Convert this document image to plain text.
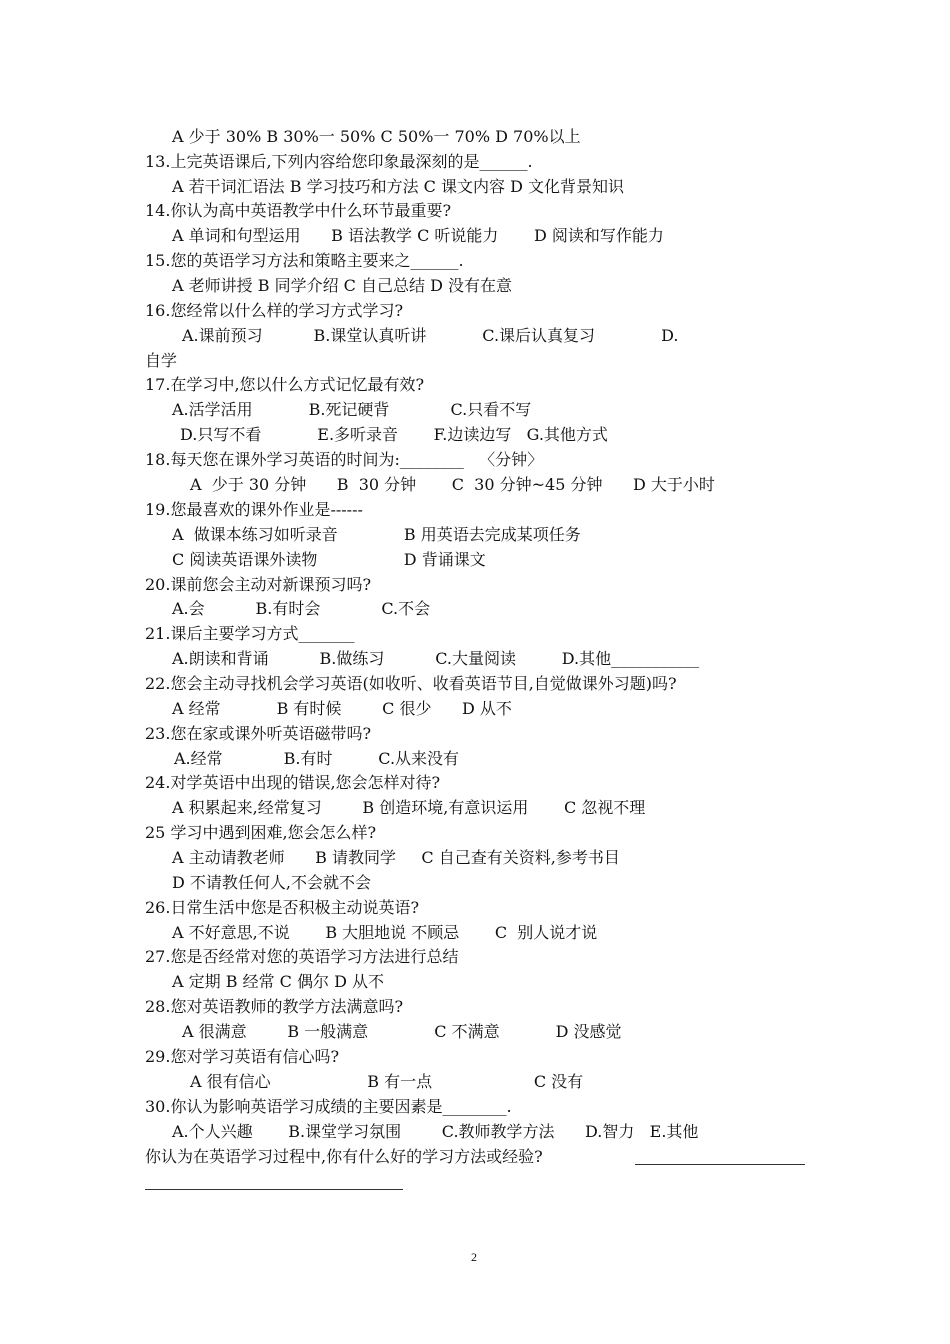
A 少于 30% B 30%一 50% C 50%一 70% D 70%以上
13.上完英语课后,下列内容给您印象最深刻的是______.
A 若干词汇语法 B 学习技巧和方法 C 课文内容 D 文化背景知识
14.你认为高中英语教学中什么环节最重要?
A 单词和句型运用      B 语法教学 C 听说能力       D 阅读和写作能力
15.您的英语学习方法和策略主要来之______.
A 老师讲授 B 同学介绍 C 自己总结 D 没有在意
16.您经常以什么样的学习方式学习?
A.课前预习          B.课堂认真听讲           C.课后认真复习             D.
自学
17.在学习中,您以什么方式记忆最有效?
A.活学活用           B.死记硬背            C.只看不写
D.只写不看           E.多听录音       F.边读边写   G.其他方式
18.每天您在课外学习英语的时间为:________   〈分钟〉
A  少于 30 分钟      B  30 分钟       C  30 分钟~45 分钟      D 大于小时
19.您最喜欢的课外作业是------
A  做课本练习如听录音             B 用英语去完成某项任务
C 阅读英语课外读物                 D 背诵课文
20.课前您会主动对新课预习吗?
A.会          B.有时会            C.不会
21.课后主要学习方式_______
A.朗读和背诵          B.做练习          C.大量阅读         D.其他___________
22.您会主动寻找机会学习英语(如收听、收看英语节目,自觉做课外习题)吗?
A 经常           B 有时候        C 很少      D 从不
23.您在家或课外听英语磁带吗?
A.经常            B.有时         C.从来没有
24.对学英语中出现的错误,您会怎样对待?
A 积累起来,经常复习        B 创造环境,有意识运用       C 忽视不理
25 学习中遇到困难,您会怎么样?
A 主动请教老师      B 请教同学     C 自己查有关资料,参考书目
D 不请教任何人,不会就不会
26.日常生活中您是否积极主动说英语?
A 不好意思,不说       B 大胆地说 不顾忌       C  别人说才说
27.您是否经常对您的英语学习方法进行总结
A 定期 B 经常 C 偶尔 D 从不
28.您对英语教师的教学方法满意吗?
A 很满意        B 一般满意             C 不满意           D 没感觉
29.您对学习英语有信心吗?
A 很有信心                   B 有一点                    C 没有
30.你认为影响英语学习成绩的主要因素是________.
A.个人兴趣       B.课堂学习氛围        C.教师教学方法      D.智力   E.其他
你认为在英语学习过程中,你有什么好的学习方法或经验?
2
